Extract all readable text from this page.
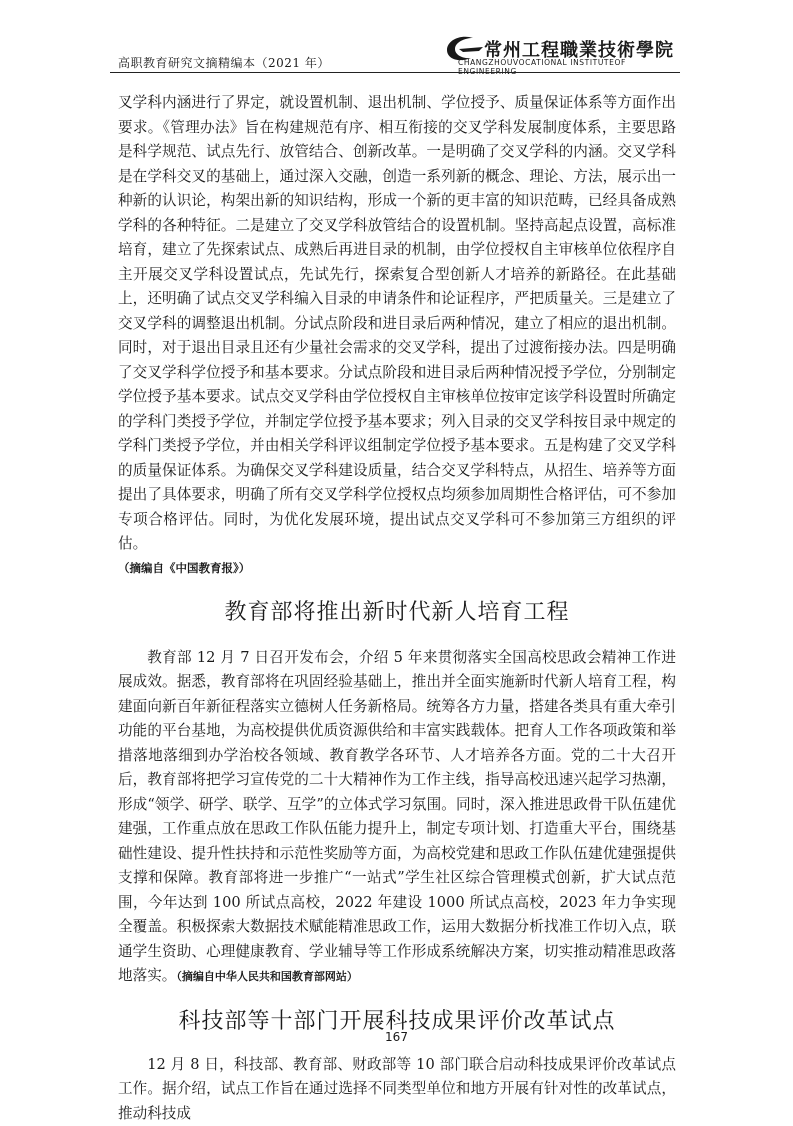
高职教育研究文摘精编本（2021 年）
常州工程職業技術學院
CHANGZHOUVOCATIONAL INSTITUTEOF

叉学科内涵进行了界定，就设置机制、退出机制、学位授予、质量保证体系等方面作出要求。《管理办法》旨在构建规范有序、相互衔接的交叉学科发展制度体系，主要思路是科学规范、试点先行、放管结合、创新改革。一是明确了交叉学科的内涵。交叉学科是在学科交叉的基础上，通过深入交融，创造一系列新的概念、理论、方法，展示出一种新的认识论，构架出新的知识结构，形成一个新的更丰富的知识范畴，已经具备成熟学科的各种特征。二是建立了交叉学科放管结合的设置机制。坚持高起点设置，高标准培育，建立了先探索试点、成熟后再进目录的机制，由学位授权自主审核单位依程序自主开展交叉学科设置试点，先试先行，探索复合型创新人才培养的新路径。在此基础上，还明确了试点交叉学科编入目录的申请条件和论证程序，严把质量关。三是建立了交叉学科的调整退出机制。分试点阶段和进目录后两种情况，建立了相应的退出机制。同时，对于退出目录且还有少量社会需求的交叉学科，提出了过渡衔接办法。四是明确了交叉学科学位授予和基本要求。分试点阶段和进目录后两种情况授予学位，分别制定学位授予基本要求。试点交叉学科由学位授权自主审核单位按审定该学科设置时所确定的学科门类授予学位，并制定学位授予基本要求；列入目录的交叉学科按目录中规定的学科门类授予学位，并由相关学科评议组制定学位授予基本要求。五是构建了交叉学科的质量保证体系。为确保交叉学科建设质量，结合交叉学科特点，从招生、培养等方面提出了具体要求，明确了所有交叉学科学位授权点均须参加周期性合格评估，可不参加专项合格评估。同时，为优化发展环境，提出试点交叉学科可不参加第三方组织的评估。

（摘编自《中国教育报》）

教育部将推出新时代新人培育工程

教育部 12 月 7 日召开发布会，介绍 5 年来贯彻落实全国高校思政会精神工作进展成效。据悉，教育部将在巩固经验基础上，推出并全面实施新时代新人培育工程，构建面向新百年新征程落实立德树人任务新格局。统筹各方力量，搭建各类具有重大牵引功能的平台基地，为高校提供优质资源供给和丰富实践载体。把育人工作各项政策和举措落地落细到办学治校各领域、教育教学各环节、人才培养各方面。党的二十大召开后，教育部将把学习宣传党的二十大精神作为工作主线，指导高校迅速兴起学习热潮，形成“领学、研学、联学、互学”的立体式学习氛围。同时，深入推进思政骨干队伍建优建强，工作重点放在思政工作队伍能力提升上，制定专项计划、打造重大平台，围绕基础性建设、提升性扶持和示范性奖励等方面，为高校党建和思政工作队伍建优建强提供支撑和保障。教育部将进一步推广“一站式”学生社区综合管理模式创新，扩大试点范围，今年达到 100 所试点高校，2022 年建设 1000 所试点高校，2023 年力争实现全覆盖。积极探索大数据技术赋能精准思政工作，运用大数据分析找准工作切入点，联通学生资助、心理健康教育、学业辅导等工作形成系统解决方案，切实推动精准思政落地落实。（摘编自中华人民共和国教育部网站）

科技部等十部门开展科技成果评价改革试点

12 月 8 日，科技部、教育部、财政部等 10 部门联合启动科技成果评价改革试点工作。据介绍，试点工作旨在通过选择不同类型单位和地方开展有针对性的改革试点，推动科技成

167
